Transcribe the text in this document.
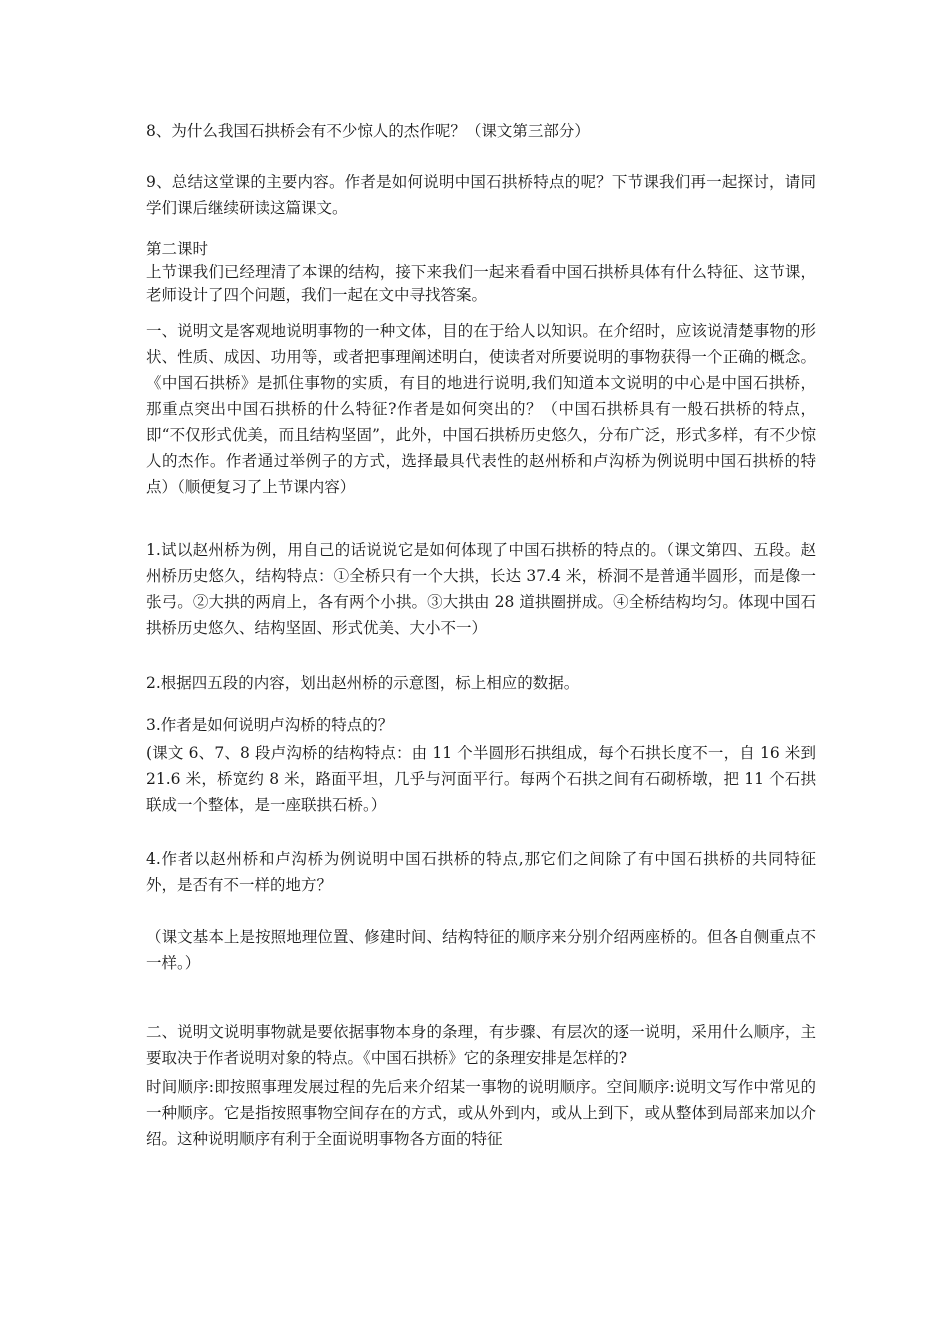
8、为什么我国石拱桥会有不少惊人的杰作呢？（课文第三部分）

9、总结这堂课的主要内容。作者是如何说明中国石拱桥特点的呢？下节课我们再一起探讨，请同学们课后继续研读这篇课文。

第二课时

上节课我们已经理清了本课的结构，接下来我们一起来看看中国石拱桥具体有什么特征、这节课，老师设计了四个问题，我们一起在文中寻找答案。

一、说明文是客观地说明事物的一种文体，目的在于给人以知识。在介绍时，应该说清楚事物的形状、性质、成因、功用等，或者把事理阐述明白，使读者对所要说明的事物获得一个正确的概念。《中国石拱桥》是抓住事物的实质，有目的地进行说明,我们知道本文说明的中心是中国石拱桥，那重点突出中国石拱桥的什么特征?作者是如何突出的？（中国石拱桥具有一般石拱桥的特点，即“不仅形式优美，而且结构坚固”，此外，中国石拱桥历史悠久，分布广泛，形式多样，有不少惊人的杰作。作者通过举例子的方式，选择最具代表性的赵州桥和卢沟桥为例说明中国石拱桥的特点）（顺便复习了上节课内容）

1.试以赵州桥为例，用自己的话说说它是如何体现了中国石拱桥的特点的。（课文第四、五段。赵州桥历史悠久，结构特点：①全桥只有一个大拱，长达 37.4 米，桥洞不是普通半圆形，而是像一张弓。②大拱的两肩上，各有两个小拱。③大拱由 28 道拱圈拼成。④全桥结构均匀。体现中国石拱桥历史悠久、结构坚固、形式优美、大小不一）

2.根据四五段的内容，划出赵州桥的示意图，标上相应的数据。

3.作者是如何说明卢沟桥的特点的？

(课文 6、7、8 段卢沟桥的结构特点：由 11 个半圆形石拱组成，每个石拱长度不一，自 16 米到 21.6 米，桥宽约 8 米，路面平坦，几乎与河面平行。每两个石拱之间有石砌桥墩，把 11 个石拱联成一个整体，是一座联拱石桥。）

4.作者以赵州桥和卢沟桥为例说明中国石拱桥的特点,那它们之间除了有中国石拱桥的共同特征外，是否有不一样的地方？

（课文基本上是按照地理位置、修建时间、结构特征的顺序来分别介绍两座桥的。但各自侧重点不一样。）

二、说明文说明事物就是要依据事物本身的条理，有步骤、有层次的逐一说明，采用什么顺序，主要取决于作者说明对象的特点。《中国石拱桥》它的条理安排是怎样的?

时间顺序:即按照事理发展过程的先后来介绍某一事物的说明顺序。空间顺序:说明文写作中常见的一种顺序。它是指按照事物空间存在的方式，或从外到内，或从上到下，或从整体到局部来加以介绍。这种说明顺序有利于全面说明事物各方面的特征
